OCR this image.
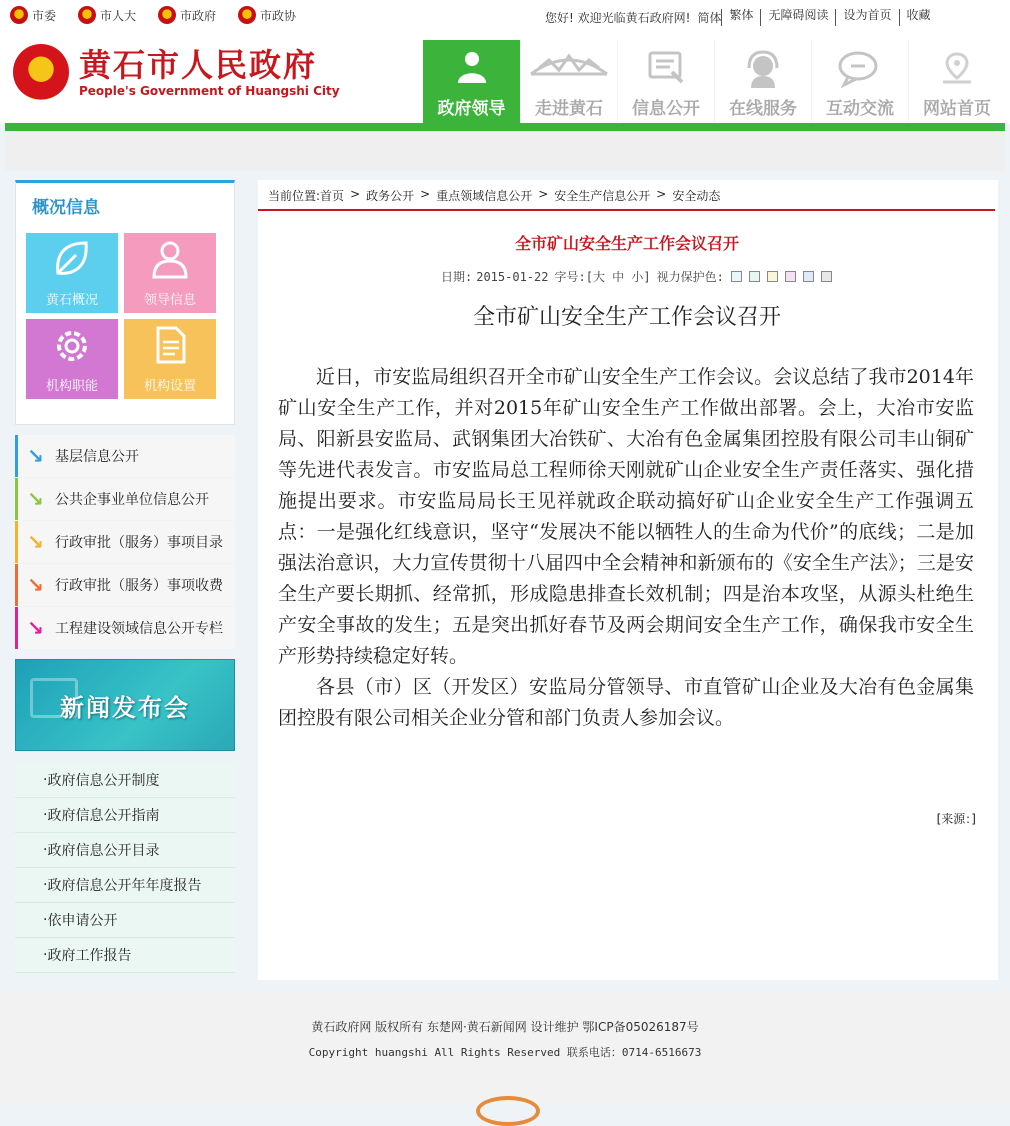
市委	市人大	市政府	市政协	您好! 欢迎光临黄石政府网! 简体 繁体	无障碍阅读	设为首页	收藏
黄石市人民政府
People's Government of Huangshi City
政府领导	走进黄石	信息公开	在线服务	互动交流	网站首页
概况信息
黄石概况	领导信息
机构职能	机构设置
↘ 基层信息公开
↘ 公共企事业单位信息公开
↘ 行政审批（服务）事项目录
↘ 行政审批（服务）事项收费
↘ 工程建设领域信息公开专栏
新闻发布会
· 政府信息公开制度
· 政府信息公开指南
· 政府信息公开目录
· 政府信息公开年年度报告
· 依申请公开
· 政府工作报告
当前位置: 首页 > 政务公开 > 重点领域信息公开 > 安全生产信息公开 > 安全动态
全市矿山安全生产工作会议召开
日期: 2015-01-22 字号: [大 中 小] 视力保护色:
全市矿山安全生产工作会议召开

近日，市安监局组织召开全市矿山安全生产工作会议。会议总结了我市2014年矿山安全生产工作，并对2015年矿山安全生产工作做出部署。会上，大冶市安监局、阳新县安监局、武钢集团大冶铁矿、大冶有色金属集团控股有限公司丰山铜矿等先进代表发言。市安监局总工程师徐天刚就矿山企业安全生产责任落实、强化措施提出要求。市安监局局长王见祥就政企联动搞好矿山企业安全生产工作强调五点：一是强化红线意识，坚守“发展决不能以牺牲人的生命为代价”的底线；二是加强法治意识，大力宣传贯彻十八届四中全会精神和新颁布的《安全生产法》；三是安全生产要长期抓、经常抓，形成隐患排查长效机制；四是治本攻坚，从源头杜绝生产安全事故的发生；五是突出抓好春节及两会期间安全生产工作，确保我市安全生产形势持续稳定好转。

各县（市）区（开发区）安监局分管领导、市直管矿山企业及大冶有色金属集团控股有限公司相关企业分管和部门负责人参加会议。

[来源：]
黄石政府网 版权所有 东楚网·黄石新闻网 设计维护 鄂ICP备05026187号
Copyright huangshi All Rights Reserved 联系电话：0714-6516673
